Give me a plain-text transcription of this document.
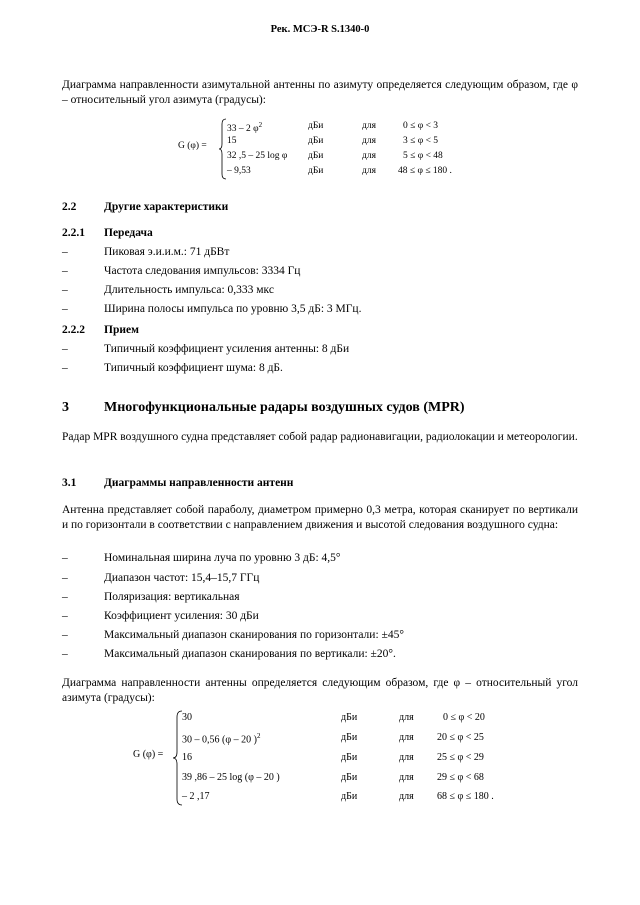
Рек. МСЭ-R S.1340-0
Диаграмма направленности азимутальной антенны по азимуту определяется следующим образом, где φ – относительный угол азимута (градусы):
G (φ) =
33 – 2 $\varphi^2$	дБи	для	0 ≤ φ < 3
15	дБи	для	3 ≤ φ < 5
32 ,5 – 25 log φ дБи	для	5 ≤ φ < 48
– 9,53	дБи	для 48 ≤ φ ≤ 180 .
2.2 Другие характеристики
2.2.1 Передача
–	Пиковая э.и.и.м.: 71 дБВт
–	Частота следования импульсов: 3334 Гц
–	Длительность импульса: 0,333 мкс
–	Ширина полосы импульса по уровню 3,5 дБ: 3 МГц.
2.2.2 Прием
–	Типичный коэффициент усиления антенны: 8 дБи
–	Типичный коэффициент шума: 8 дБ.
3	Многофункциональные радары воздушных судов (MPR)
Радар MPR воздушного судна представляет собой радар радионавигации, радиолокации и метеорологии.
3.1 Диаграммы направленности антенн
Антенна представляет собой параболу, диаметром примерно 0,3 метра, которая сканирует по вертикали и по горизонтали в соответствии с направлением движения и высотой следования воздушного судна:
–	Номинальная ширина луча по уровню 3 дБ: 4,5°
–	Диапазон частот: 15,4–15,7 ГГц
–	Поляризация: вертикальная
–	Коэффициент усиления: 30 дБи
–	Максимальный диапазон сканирования по горизонтали: ±45°
–	Максимальный диапазон сканирования по вертикали: ±20°.
Диаграмма направленности антенны определяется следующим образом, где φ – относительный угол азимута (градусы):
G (φ) =
30	дБи	для	0 ≤ φ < 20
30 – 0,56 (φ – 20 )$^2$	дБи	для 20 ≤ φ < 25
16	дБи	для 25 ≤ φ < 29
39 ,86 – 25 log (φ – 20 )	дБи	для 29 ≤ φ < 68
– 2 ,17	дБи	для 68 ≤ φ ≤ 180 .
